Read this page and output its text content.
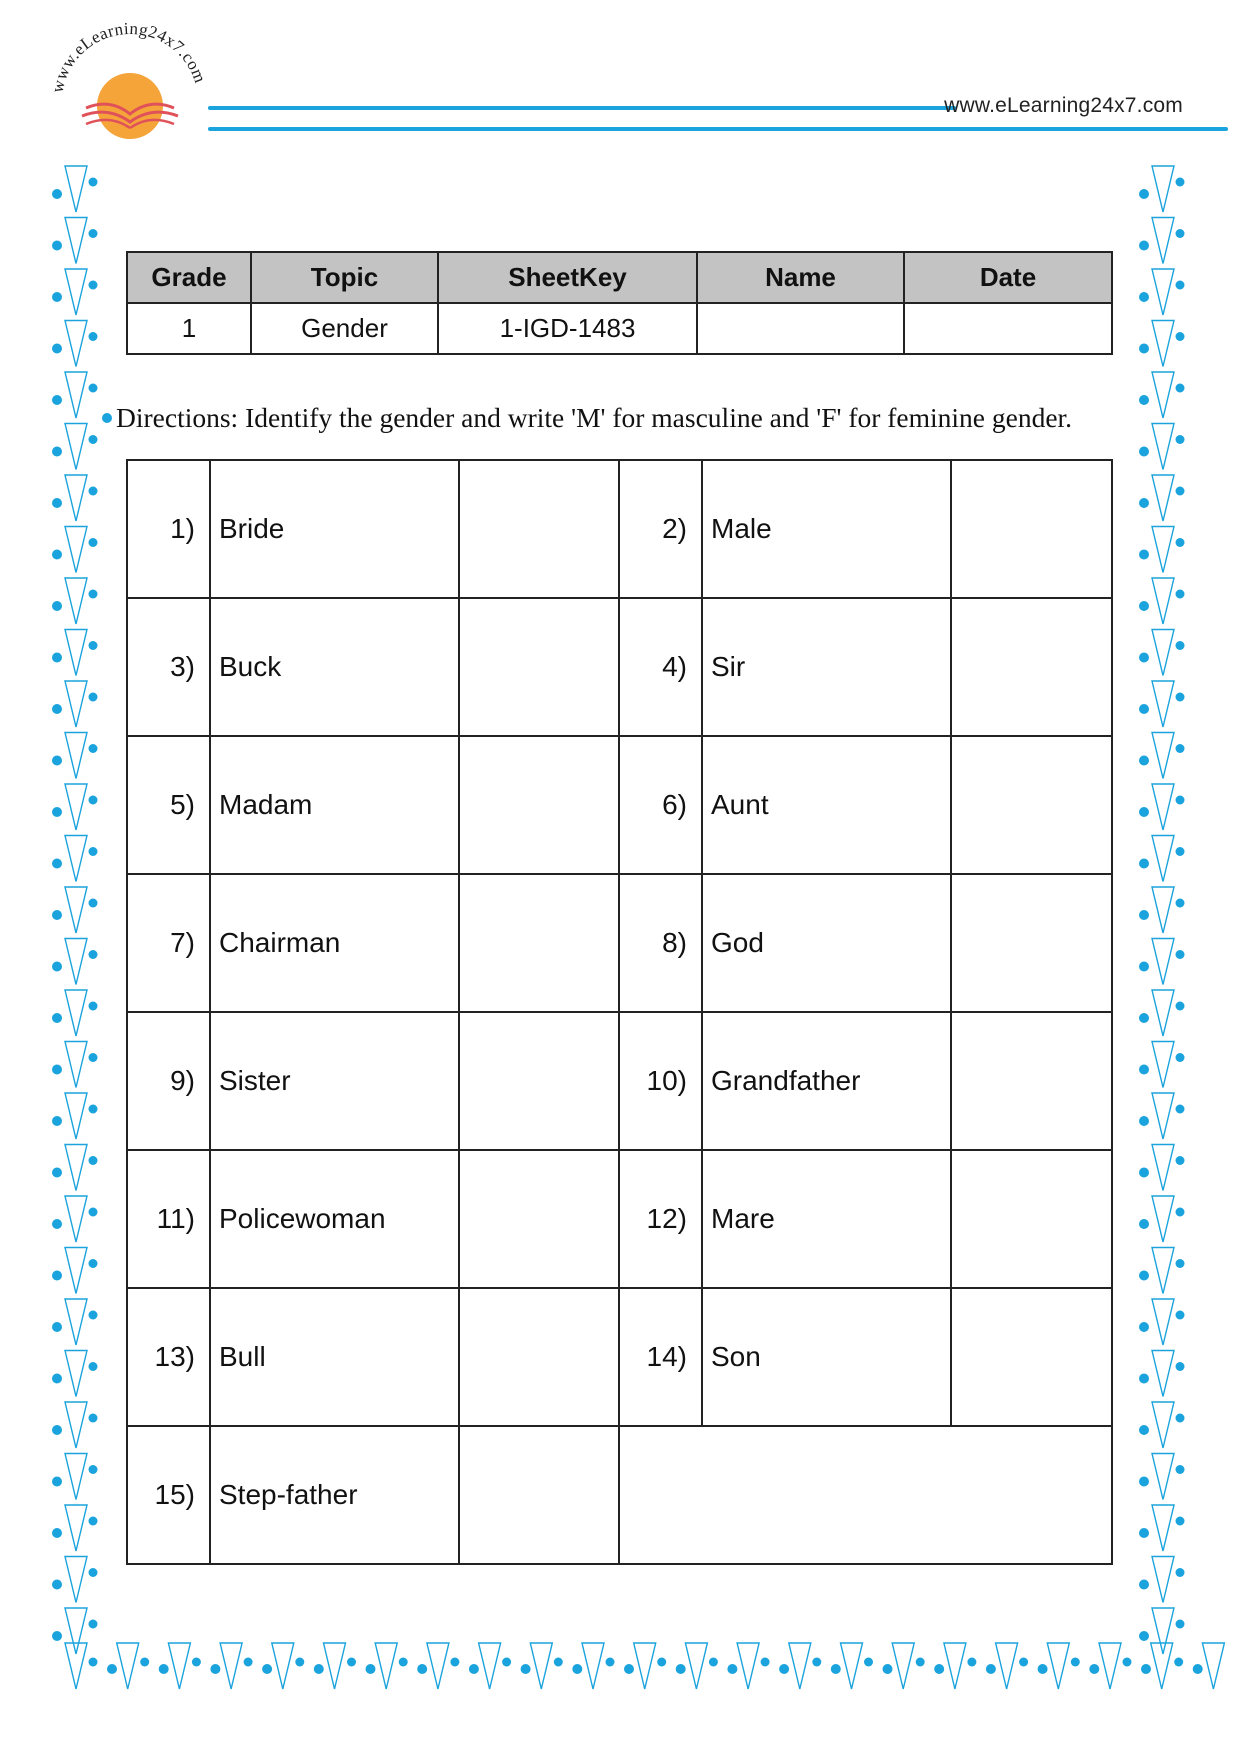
www.eLearning24x7.com
www.eLearning24x7.com
Grade	Topic	SheetKey	Name	Date
1	Gender	1-IGD-1483		
Directions: Identify the gender and write 'M' for masculine and 'F' for feminine gender.
1)	Bride		2)	Male	
3)	Buck		4)	Sir	
5)	Madam		6)	Aunt	
7)	Chairman		8)	God	
9)	Sister		10)	Grandfather	
11)	Policewoman		12)	Mare	
13)	Bull		14)	Son	
15)	Step-father				
